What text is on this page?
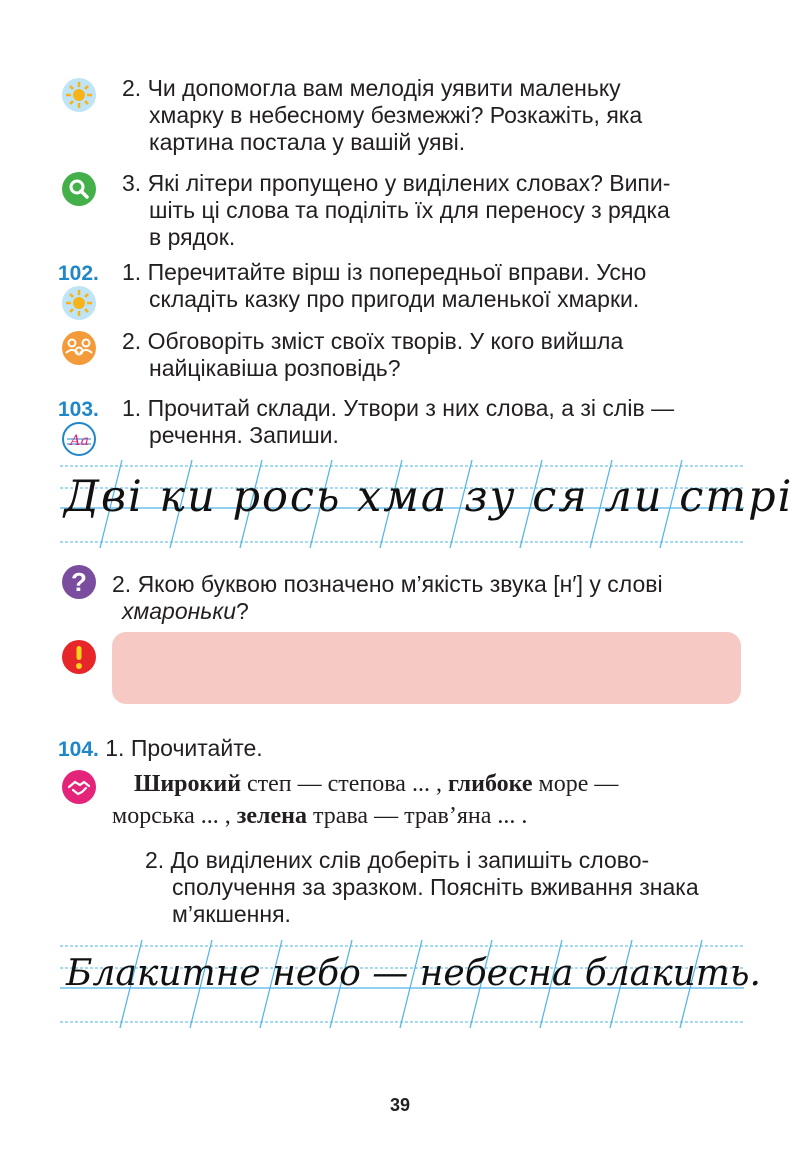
2. Чи допомогла вам мелодія уявити маленьку
хмарку в небесному безмежжі? Розкажіть, яка
картина постала у вашій уяві.
3. Які літери пропущено у виділених словах? Випи-
шіть ці слова та поділіть їх для переносу з рядка
в рядок.
102. 1. Перечитайте вірш із попередньої вправи. Усно
складіть казку про пригоди маленької хмарки.
2. Обговоріть зміст своїх творів. У кого вийшла
найцікавіша розповідь?
103.
Аа
1. Прочитай склади. Утвори з них слова, а зі слів —
речення. Запиши.
Дві ки рось хма зу ся ли стрі
?	2. Якою буквою позначено м’якість звука [н′] у слові
хмароньки?
104. 1. Прочитайте.
Широкий степ — степова ... , глибоке море —
морська ... , зелена трава — трав’яна ... .
2. До виділених слів доберіть і запишіть слово-
сполучення за зразком. Поясніть вживання знака
м’якшення.
Блакитне небо — небесна блакить.
39
